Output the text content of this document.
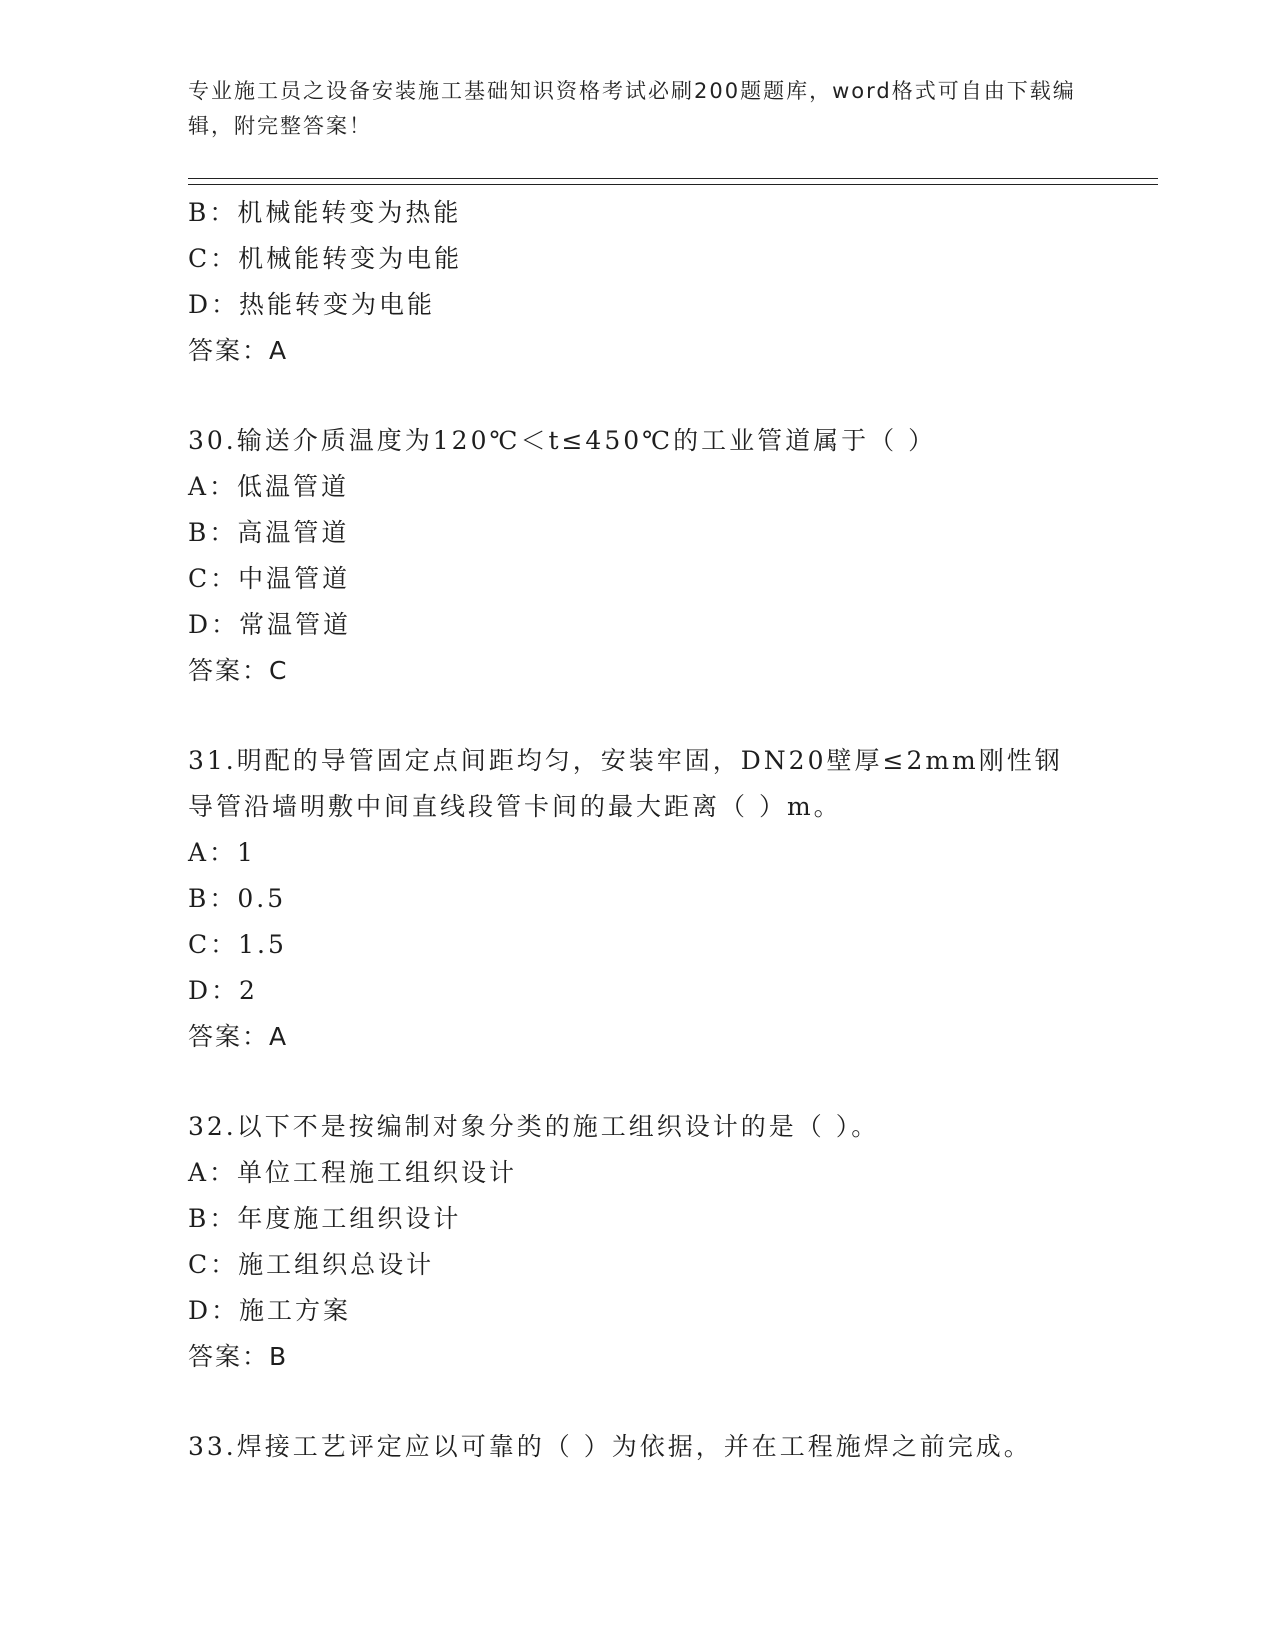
专业施工员之设备安装施工基础知识资格考试必刷200题题库，word格式可自由下载编辑，附完整答案！
B：机械能转变为热能
C：机械能转变为电能
D：热能转变为电能
答案：A
30.输送介质温度为120℃＜t≤450℃的工业管道属于（ ）
A：低温管道
B：高温管道
C：中温管道
D：常温管道
答案：C
31.明配的导管固定点间距均匀，安装牢固，DN20壁厚≤2mm刚性钢导管沿墙明敷中间直线段管卡间的最大距离（ ）m。
A：1
B：0.5
C：1.5
D：2
答案：A
32.以下不是按编制对象分类的施工组织设计的是（ ）。
A：单位工程施工组织设计
B：年度施工组织设计
C：施工组织总设计
D：施工方案
答案：B
33.焊接工艺评定应以可靠的（ ）为依据，并在工程施焊之前完成。
